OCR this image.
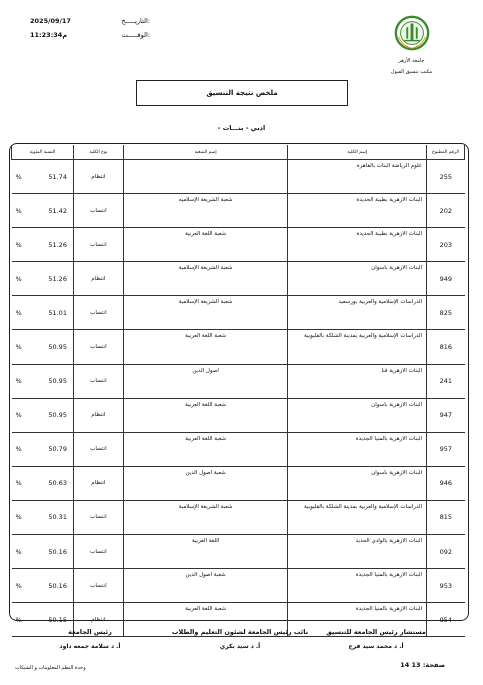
جامعة الأزهر
مكتب تنسيق القبول
2025/09/17	التاريـــــخ:
11:23:34م	الوقـــــت:
ملخص نتيجة التنسيق
- ادبي - بنـــات
الرقم المطبوع	إسم الكلية	إسم الشعبة	نوع الكلية	النسبة المئوية
255	علوم الرياضة البنات بالقاهرة		انتظام	% 51.74

202	البنات الازهرية بطيبة الجديدة	شعبة الشريعة الإسلاميه	انتساب	% 51.42

203	البنات الازهرية بطيبة الجديدة	شعبة اللغة العربية	انتساب	% 51.26

949	البنات الازهرية باسوان	شعبة الشريعة الإسلامية	انتظام	% 51.26

825	الدراسات الإسلامية والعربية بورسعيد	شعبة الشريعة الإسلامية	انتساب	% 51.01

816	الدراسات الإسلامية والعربية بمدينة الشلكة بالقليوبية	شعبة اللغة العربية	انتساب	% 50.95

241	البنات الازهرية قنا	اصول الدين	انتساب	% 50.95

947	البنات الازهرية باسوان	شعبة اللغة العربية	انتظام	% 50.95

957	البنات الازهرية بالمنيا الجديدة	شعبة اللغة العربية	انتساب	% 50.79

946	البنات الازهرية باسوان	شعبة اصول الدين	انتظام	% 50.63

815	الدراسات الإسلامية والعربية بمدينة الشلكة بالقليوبية	شعبة الشريعة الإسلامية	انتساب	% 50.31

092	البنات الازهرية بالوادي الجديد	اللغة العربية	انتساب	% 50.16

953	البنات الازهرية بالمنيا الجديدة	شعبة اصول الدين	انتساب	% 50.16

954	البنات الازهرية بالمنيا الجديدة	شعبة اللغة العربية	انتظام	% 50.15
مستشار رئيس الجامعة للتنسيق
أ. د محمد سيد فرج
نائب رئيس الجامعة لشئون التعليم والطلاب
أ. د سيد بكري
رئيس الجامعة
أ. د سلامة جمعه داود
وحدة النظم المعلومات و الشبكات	صفحة: 13 14
